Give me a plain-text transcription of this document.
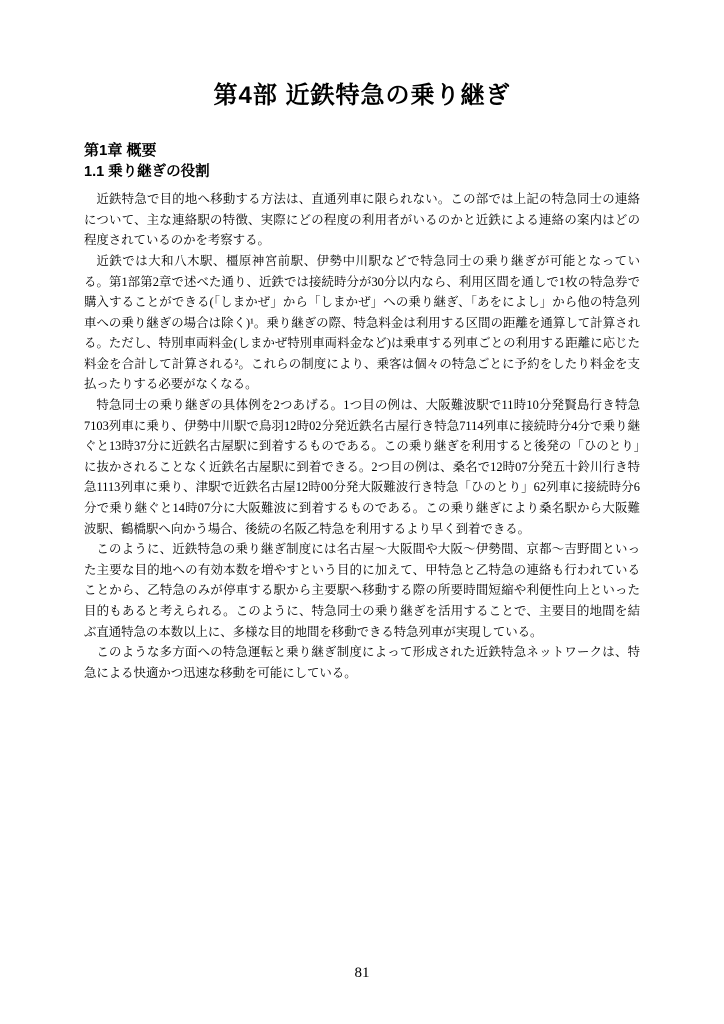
第4部 近鉄特急の乗り継ぎ
第1章 概要
1.1 乗り継ぎの役割

近鉄特急で目的地へ移動する方法は、直通列車に限られない。この部では上記の特急同士の連絡について、主な連絡駅の特徴、実際にどの程度の利用者がいるのかと近鉄による連絡の案内はどの程度されているのかを考察する。

近鉄では大和八木駅、橿原神宮前駅、伊勢中川駅などで特急同士の乗り継ぎが可能となっている。第1部第2章で述べた通り、近鉄では接続時分が30分以内なら、利用区間を通しで1枚の特急券で購入することができる(「しまかぜ」から「しまかぜ」への乗り継ぎ、「あをによし」から他の特急列車への乗り継ぎの場合は除く)¹。乗り継ぎの際、特急料金は利用する区間の距離を通算して計算される。ただし、特別車両料金(しまかぜ特別車両料金など)は乗車する列車ごとの利用する距離に応じた料金を合計して計算される²。これらの制度により、乗客は個々の特急ごとに予約をしたり料金を支払ったりする必要がなくなる。

特急同士の乗り継ぎの具体例を2つあげる。1つ目の例は、大阪難波駅で11時10分発賢島行き特急7103列車に乗り、伊勢中川駅で鳥羽12時02分発近鉄名古屋行き特急7114列車に接続時分4分で乗り継ぐと13時37分に近鉄名古屋駅に到着するものである。この乗り継ぎを利用すると後発の「ひのとり」に抜かされることなく近鉄名古屋駅に到着できる。2つ目の例は、桑名で12時07分発五十鈴川行き特急1113列車に乗り、津駅で近鉄名古屋12時00分発大阪難波行き特急「ひのとり」62列車に接続時分6分で乗り継ぐと14時07分に大阪難波に到着するものである。この乗り継ぎにより桑名駅から大阪難波駅、鶴橋駅へ向かう場合、後続の名阪乙特急を利用するより早く到着できる。

このように、近鉄特急の乗り継ぎ制度には名古屋〜大阪間や大阪〜伊勢間、京都〜吉野間といった主要な目的地への有効本数を増やすという目的に加えて、甲特急と乙特急の連絡も行われていることから、乙特急のみが停車する駅から主要駅へ移動する際の所要時間短縮や利便性向上といった目的もあると考えられる。このように、特急同士の乗り継ぎを活用することで、主要目的地間を結ぶ直通特急の本数以上に、多様な目的地間を移動できる特急列車が実現している。

このような多方面への特急運転と乗り継ぎ制度によって形成された近鉄特急ネットワークは、特急による快適かつ迅速な移動を可能にしている。

81
